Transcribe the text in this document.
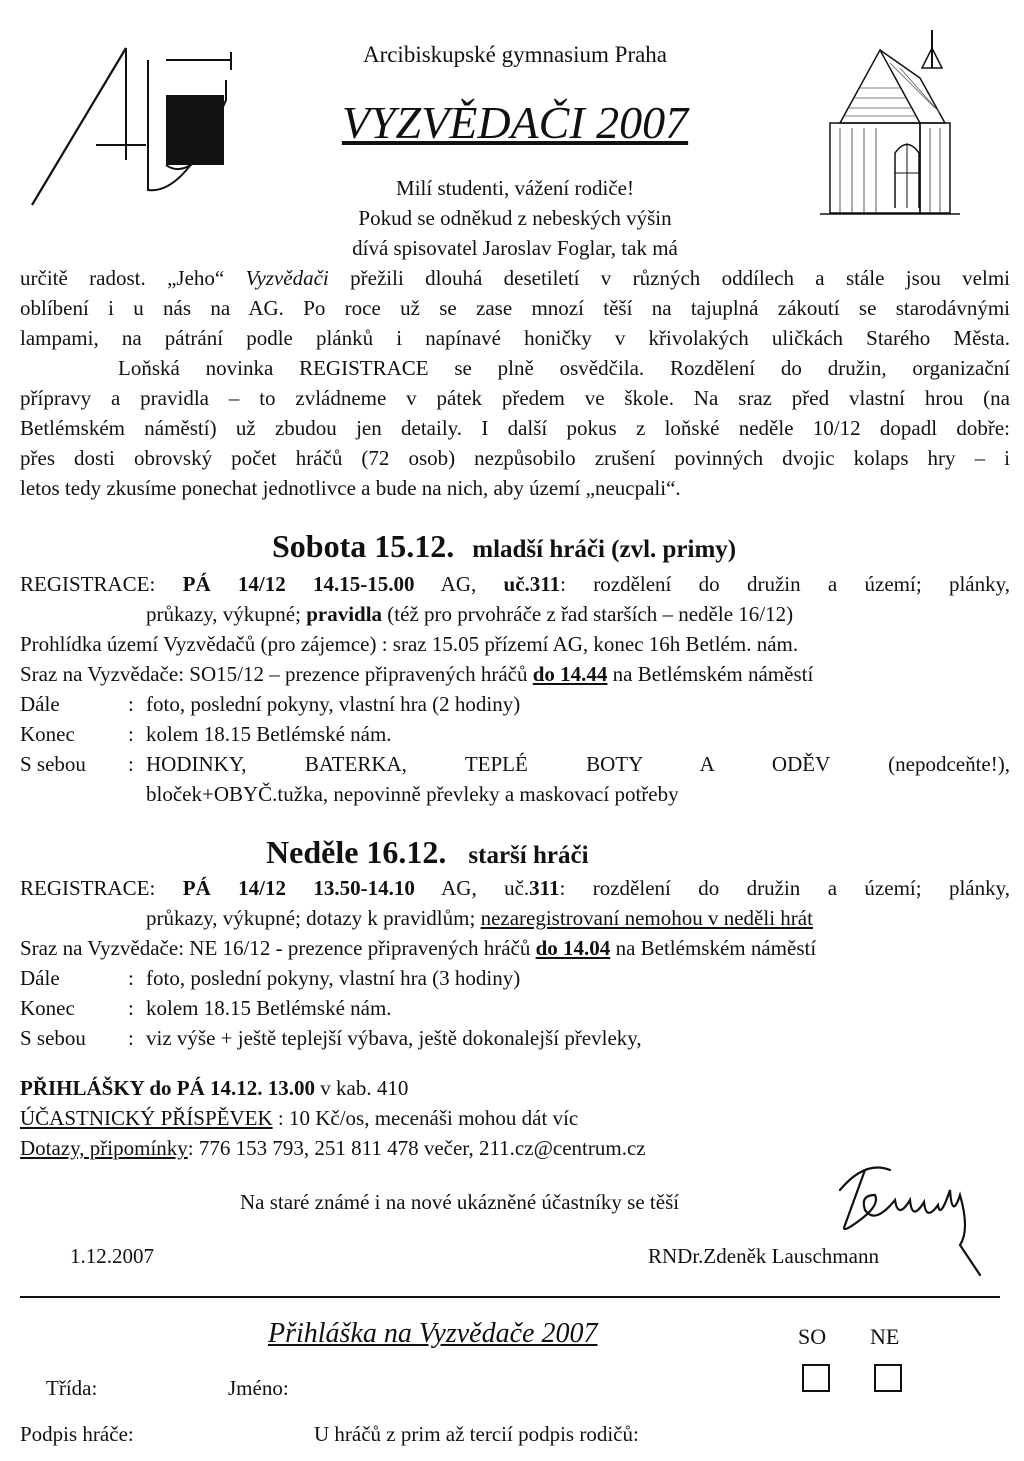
Arcibiskupské gymnasium Praha
VYZVĚDAČI 2007
Milí studenti, vážení rodiče!
Pokud se odněkud z nebeských výšin
dívá spisovatel Jaroslav Foglar, tak má
určitě radost. „Jeho“ Vyzvědači přežili dlouhá desetiletí v různých oddílech a stále jsou velmi
oblíbení i u nás na AG. Po roce už se zase mnozí těší na tajuplná zákoutí se starodávnými
lampami, na pátrání podle plánků i napínavé honičky v křivolakých uličkách Starého Města.
Loňská novinka REGISTRACE se plně osvědčila. Rozdělení do družin, organizační
přípravy a pravidla – to zvládneme v pátek předem ve škole. Na sraz před vlastní hrou (na
Betlémském náměstí) už zbudou jen detaily. I další pokus z loňské neděle 10/12 dopadl dobře:
přes dosti obrovský počet hráčů (72 osob) nezpůsobilo zrušení povinných dvojic kolaps hry – i
letos tedy zkusíme ponechat jednotlivce a bude na nich, aby území „neucpali“.
Sobota 15.12. mladší hráči (zvl. primy)
REGISTRACE: PÁ 14/12 14.15-15.00 AG, uč.311: rozdělení do družin a území; plánky,
průkazy, výkupné; pravidla (též pro prvohráče z řad starších – neděle 16/12)
Prohlídka území Vyzvědačů (pro zájemce) : sraz 15.05 přízemí AG, konec 16h Betlém. nám.
Sraz na Vyzvědače: SO15/12 – prezence připravených hráčů do 14.44 na Betlémském náměstí
Dále	: foto, poslední pokyny, vlastní hra (2 hodiny)
Konec	: kolem 18.15 Betlémské nám.
S sebou : HODINKY, BATERKA, TEPLÉ BOTY A ODĚV (nepodceňte!),
bloček+OBYČ.tužka, nepovinně převleky a maskovací potřeby
Neděle 16.12. starší hráči
REGISTRACE: PÁ 14/12 13.50-14.10 AG, uč.311: rozdělení do družin a území; plánky,
průkazy, výkupné; dotazy k pravidlům; nezaregistrovaní nemohou v neděli hrát
Sraz na Vyzvědače: NE 16/12 - prezence připravených hráčů do 14.04 na Betlémském náměstí
Dále	: foto, poslední pokyny, vlastní hra (3 hodiny)
Konec	: kolem 18.15 Betlémské nám.
S sebou : viz výše + ještě teplejší výbava, ještě dokonalejší převleky,
PŘIHLÁŠKY do PÁ 14.12. 13.00 v kab. 410
ÚČASTNICKÝ PŘÍSPĚVEK : 10 Kč/os, mecenáši mohou dát víc
Dotazy, připomínky: 776 153 793, 251 811 478 večer, 211.cz@centrum.cz
Na staré známé i na nové ukázněné účastníky se těší
1.12.2007	RNDr.Zdeněk Lauschmann
Přihláška na Vyzvědače 2007	SO NE
Třída:	Jméno:
Podpis hráče:	U hráčů z prim až tercií podpis rodičů:
